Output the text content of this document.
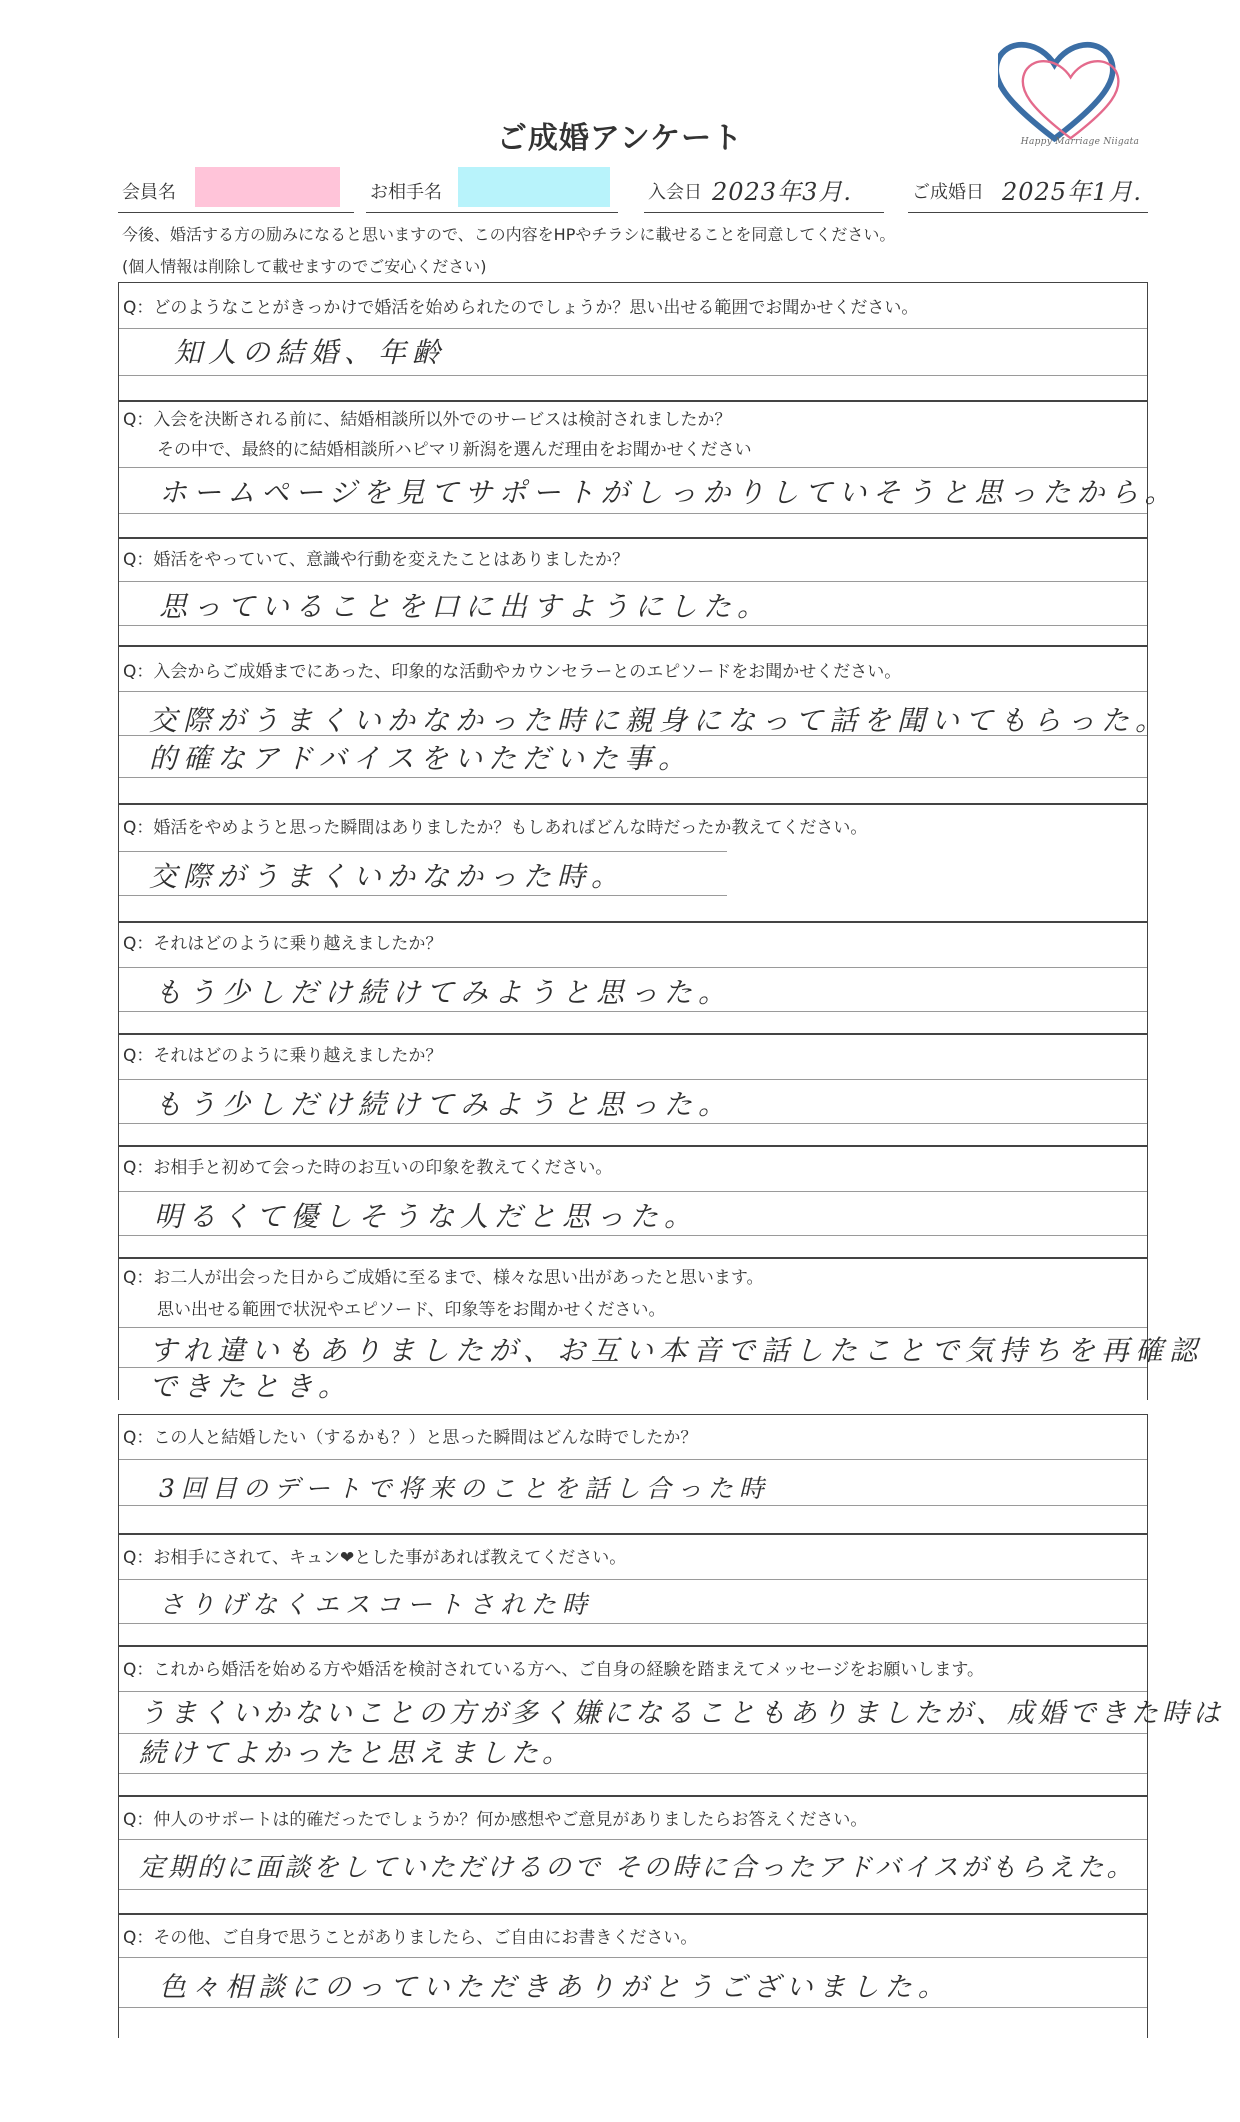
Happy Marriage Niigata
ご成婚アンケート
会員名	お相手名	入会日 2023年3月.	ご成婚日 2025年1月.
今後、婚活する方の励みになると思いますので、この内容をHPやチラシに載せることを同意してください。
(個人情報は削除して載せますのでご安心ください)
Q：どのようなことがきっかけで婚活を始められたのでしょうか？思い出せる範囲でお聞かせください。
知人の結婚、年齢
Q：入会を決断される前に、結婚相談所以外でのサービスは検討されましたか？
　　その中で、最終的に結婚相談所ハピマリ新潟を選んだ理由をお聞かせください
ホームページを見てサポートがしっかりしていそうと思ったから。
Q：婚活をやっていて、意識や行動を変えたことはありましたか？
思っていることを口に出すようにした。
Q：入会からご成婚までにあった、印象的な活動やカウンセラーとのエピソードをお聞かせください。
交際がうまくいかなかった時に親身になって話を聞いてもらった。
的確なアドバイスをいただいた事。
Q：婚活をやめようと思った瞬間はありましたか？もしあればどんな時だったか教えてください。
交際がうまくいかなかった時。
Q：それはどのように乗り越えましたか？
もう少しだけ続けてみようと思った。
Q：それはどのように乗り越えましたか？
もう少しだけ続けてみようと思った。
Q：お相手と初めて会った時のお互いの印象を教えてください。
明るくて優しそうな人だと思った。
Q：お二人が出会った日からご成婚に至るまで、様々な思い出があったと思います。
　　思い出せる範囲で状況やエピソード、印象等をお聞かせください。
すれ違いもありましたが、お互い本音で話したことで気持ちを再確認
できたとき。
Q：この人と結婚したい（するかも？）と思った瞬間はどんな時でしたか？
3回目のデートで将来のことを話し合った時
Q：お相手にされて、キュン❤とした事があれば教えてください。
さりげなくエスコートされた時
Q：これから婚活を始める方や婚活を検討されている方へ、ご自身の経験を踏まえてメッセージをお願いします。
うまくいかないことの方が多く嫌になることもありましたが、成婚できた時は
続けてよかったと思えました。
Q：仲人のサポートは的確だったでしょうか？何か感想やご意見がありましたらお答えください。
定期的に面談をしていただけるので その時に合ったアドバイスがもらえた。
Q：その他、ご自身で思うことがありましたら、ご自由にお書きください。
色々相談にのっていただきありがとうございました。
